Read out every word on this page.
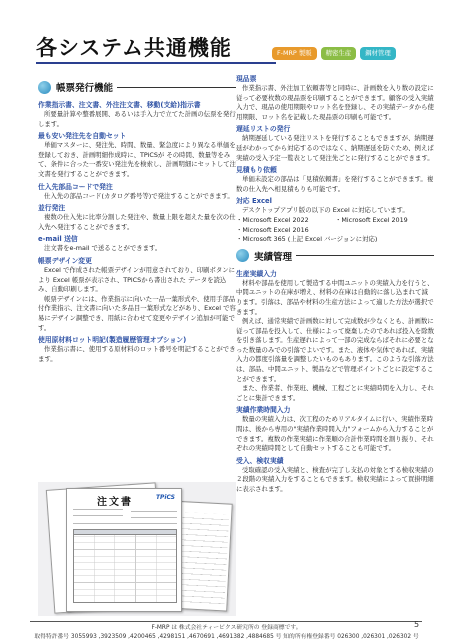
各システム共通機能	F-MRP 製販	精密生産	鋼材管理
帳票発行機能
作業指示書、注文書、外注注文書、移動(支給)指示書
所要量計算や整番展開、あるいは手入力で立てた計画の伝票を発行します。
最も安い発注先を自動セット
単価マスターに、発注先、時間、数量、緊急度により異なる単価を登録しておき、計画明細作成時に、TPiCSが その時間、数量等をみて、条件に合った一番安い発注先を検索し、計画明細にセットして注文書を発行することができます。
仕入先部品コードで発注
仕入先の部品コード(カタログ番号等)で発注することができます。
並行発注
複数の仕入先に比率分割した発注や、数量上限を超えた量を次の仕入先へ発注することができます。
e-mail 送信
注文書をe-mail で送ることができます。
帳票デザイン変更
Excel で作成された帳票デザインが用意されており、印刷ボタンにより Excel 帳票が表示され、TPiCSから書出された データを読込み、自動印刷します。
帳票デザインには、作業指示に向いた一品一葉形式や、使用手部品付作業指示、注文書に向いた多品目一葉形式などがあり、Excel で容易にデザイン調整でき、用紙に合わせて変更やデザイン追加が可能です。
使用原材料ロット明記(製造履歴管理オプション)
作業指示書に、使用する原材料のロット番号を明記することができます。
注文書	TPiCS
現品票
作業指示書、外注加工依頼書等と同時に、計画数を入り数の設定に従って必要枚数の現品票を印刷することができます。顧客の受入実績入力で、現品の使用期限やロット名を登録し、その実績データから使用期限、ロット名を記載した現品票の印刷も可能です。
遅延リストの発行
納期遅延している発注リストを発行することもできますが、納期遅延がわかってから対応するのではなく、納期遅延を防ぐため、例えば実績の受入予定一覧表として発注先ごとに発行することができます。
見積もり依頼
単価未設定の部品は「見積依頼書」を発行することができます。複数の仕入先へ相見積もりも可能です。
対応 Excel
デスクトップアプリ版の以下の Excel に対応しています。
・Microsoft Excel 2022	・Microsoft Excel 2019
・Microsoft Excel 2016
・Microsoft 365 (上記 Excel バージョンに対応)
実績管理
生産実績入力
材料や部品を使用して製造する中間ユニットの実績入力を行うと、中間ユニットの在庫が増え、材料の在庫は自動的に落し込まれて減ります。引落は、部品や材料の生産方法によって適した方法が選択できます。
例えば、通常実績で計画数に対して完成数が少なくとも、計画数に従って部品を投入して、仕様によって廃棄したのであれば投入を除数を引き落します。生産遅れによって一部の完成ならばそれに必要となった数量のみでの引落でよいです。また、液体や気体であれば、実績入力の都度引落量を調整したいものもあります。このような引落方法は、部品、中間ユニット、製品などで管理ポイントごとに設定することができます。
また、作業者、作業班、機械、工程ごとに実績時間を入力し、それごとに集計できます。
実績作業時間入力
数量の実績入力は、次工程のためリアルタイムに行い、実績作業時間は、後から専用の"実績作業時間入力"フォームから入力することができます。複数の作業実績に作業順の合計作業時間を割り振り、それぞれの実績時間として自動セットすることも可能です。
受入、検収実績
受取確認の受入実績と、検査が完了し支払の対象とする検収実績の２段階の実績入力をすることもできます。検収実績によって買掛明細に表示されます。
F-MRP は 株式会社ティーピクス研究所の 登録商標です。
取得特許番号 3055993 ,3923509 ,4200465 ,4298151 ,4670691 ,4691382 ,4884685 号 知的所有権登録番号 026300 ,026301 ,026302 号
5
